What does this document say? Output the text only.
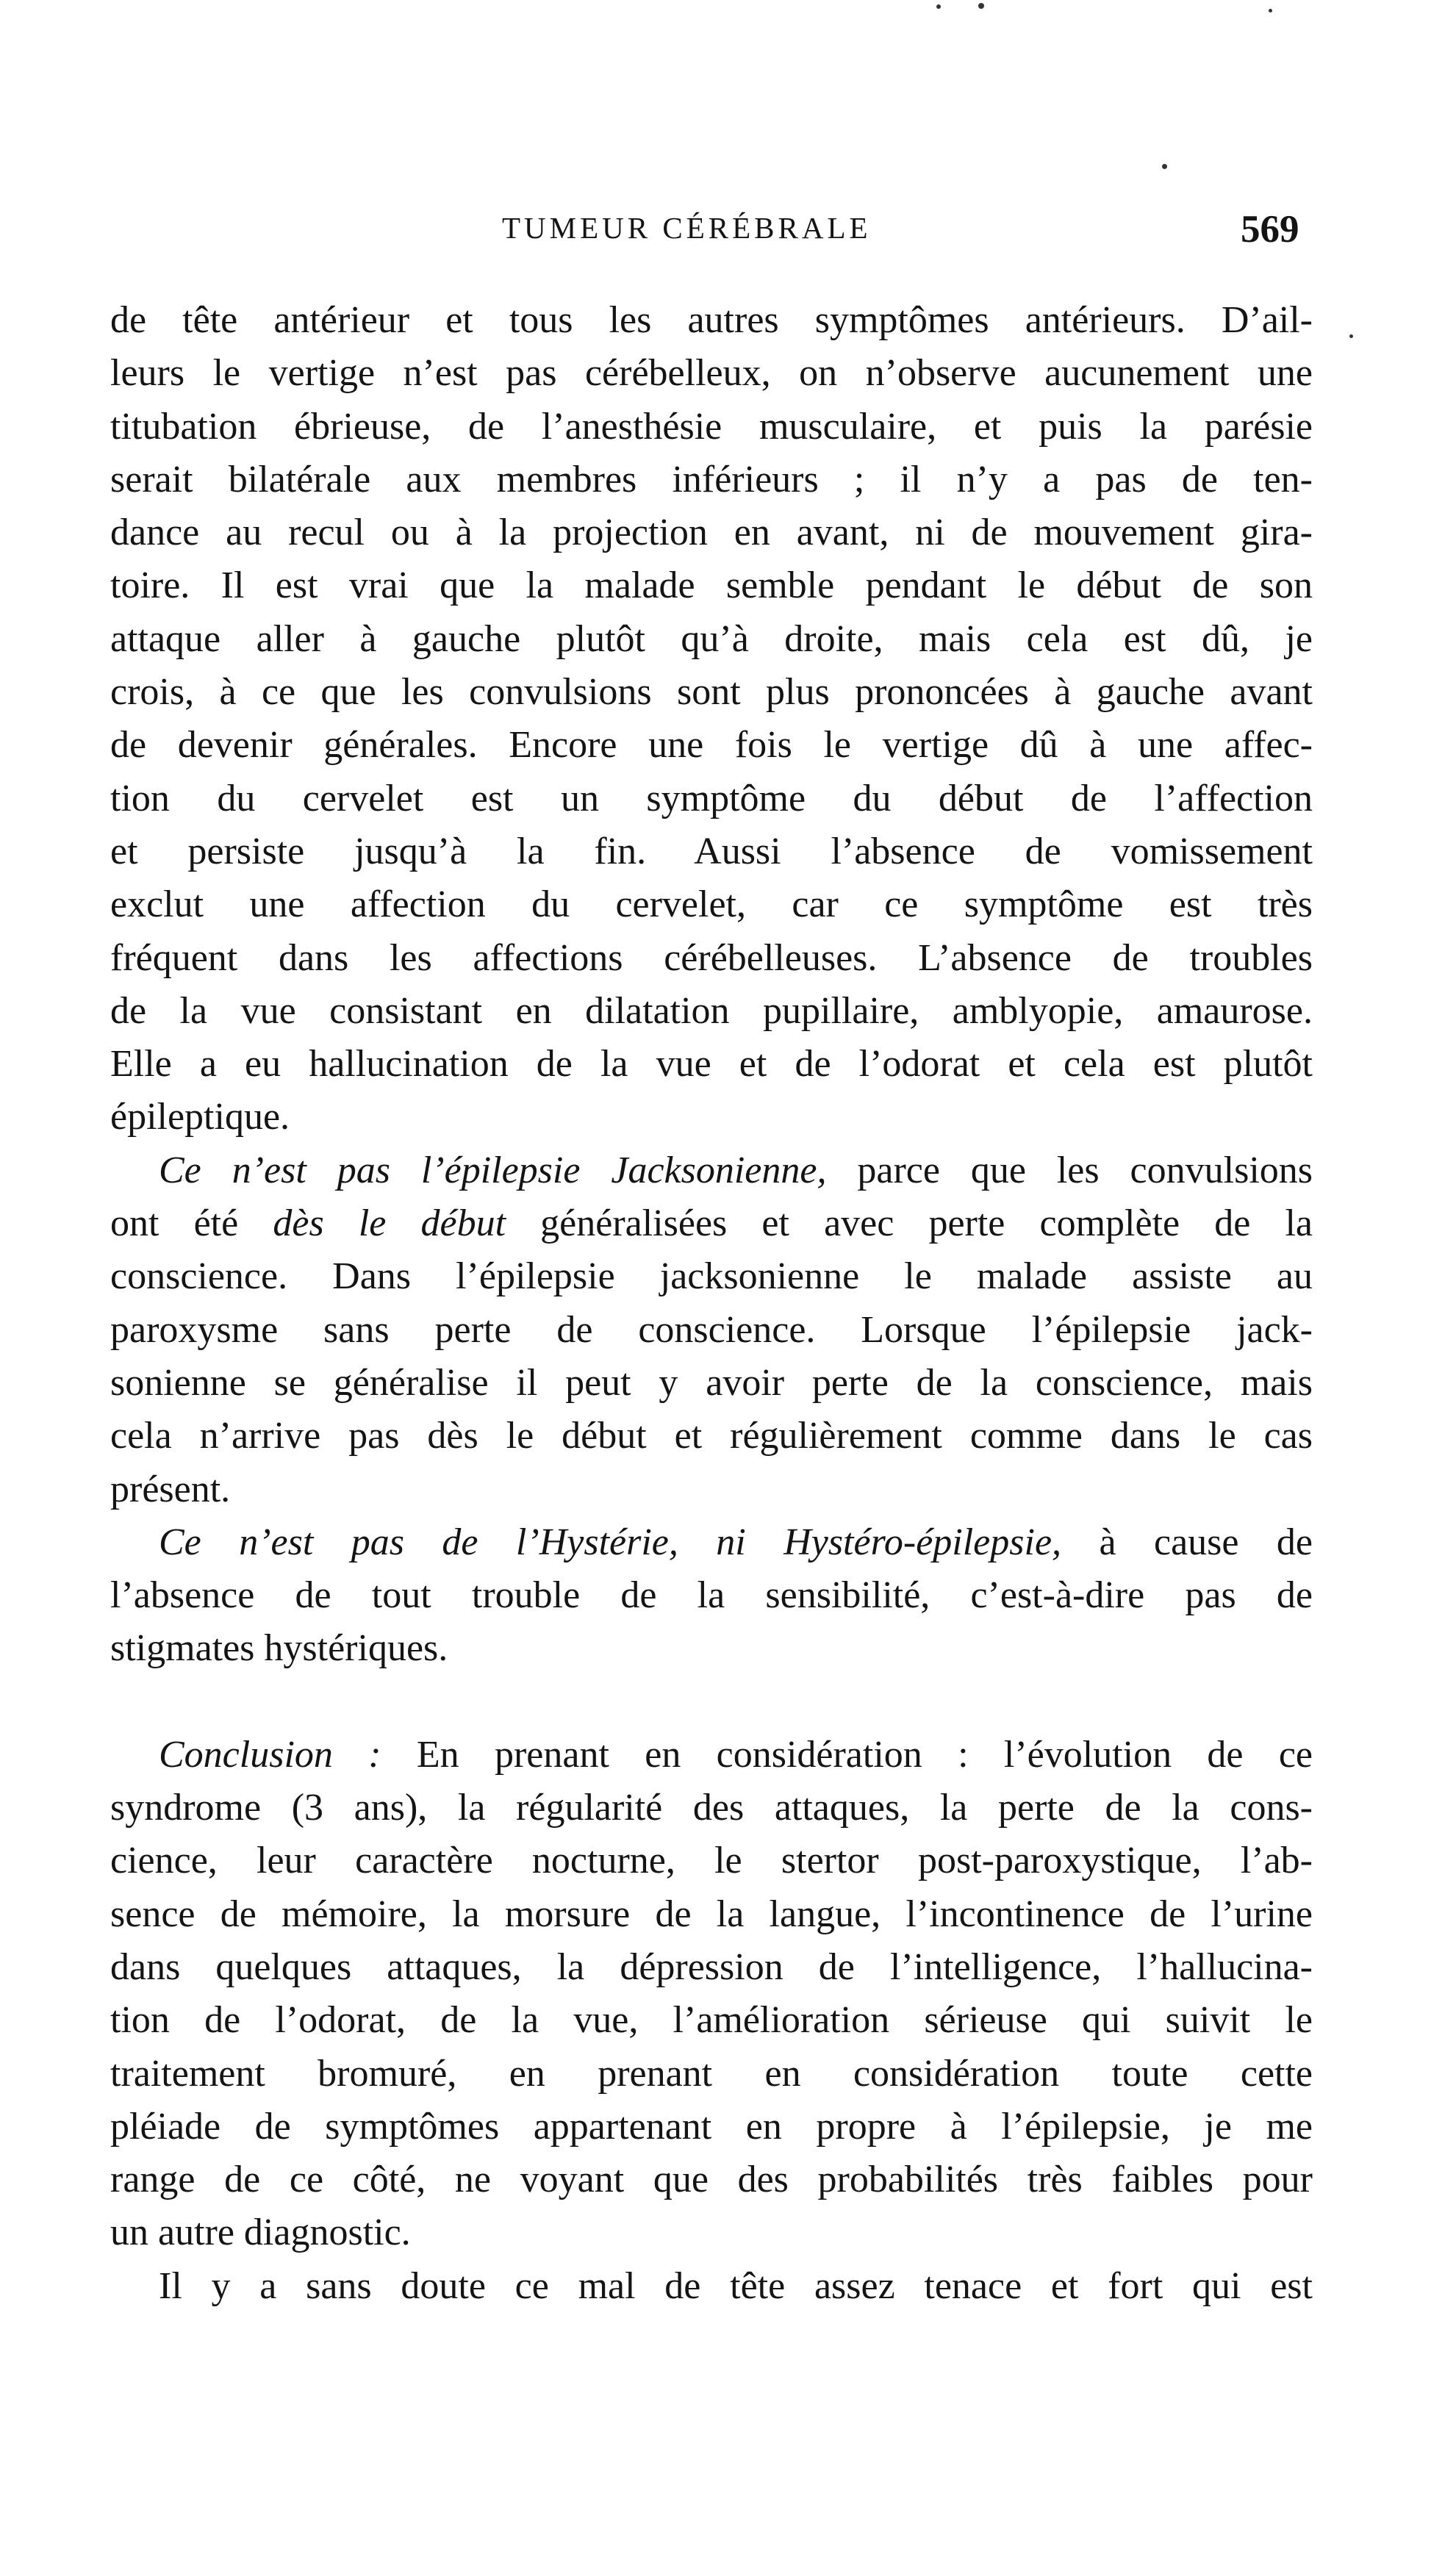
TUMEUR CÉRÉBRALE	569
de tête antérieur et tous les autres symptômes antérieurs. D’ail-
leurs le vertige n’est pas cérébelleux, on n’observe aucunement une
titubation ébrieuse, de l’anesthésie musculaire, et puis la parésie
serait bilatérale aux membres inférieurs ; il n’y a pas de ten-
dance au recul ou à la projection en avant, ni de mouvement gira-
toire. Il est vrai que la malade semble pendant le début de son
attaque aller à gauche plutôt qu’à droite, mais cela est dû, je
crois, à ce que les convulsions sont plus prononcées à gauche avant
de devenir générales. Encore une fois le vertige dû à une affec-
tion du cervelet est un symptôme du début de l’affection
et persiste jusqu’à la fin. Aussi l’absence de vomissement
exclut une affection du cervelet, car ce symptôme est très
fréquent dans les affections cérébelleuses. L’absence de troubles
de la vue consistant en dilatation pupillaire, amblyopie, amaurose.
Elle a eu hallucination de la vue et de l’odorat et cela est plutôt
épileptique.
Ce n’est pas l’épilepsie Jacksonienne, parce que les convulsions
ont été dès le début généralisées et avec perte complète de la
conscience. Dans l’épilepsie jacksonienne le malade assiste au
paroxysme sans perte de conscience. Lorsque l’épilepsie jack-
sonienne se généralise il peut y avoir perte de la conscience, mais
cela n’arrive pas dès le début et régulièrement comme dans le cas
présent.
Ce n’est pas de l’Hystérie, ni Hystéro-épilepsie, à cause de
l’absence de tout trouble de la sensibilité, c’est-à-dire pas de
stigmates hystériques.
Conclusion : En prenant en considération : l’évolution de ce
syndrome (3 ans), la régularité des attaques, la perte de la cons-
cience, leur caractère nocturne, le stertor post-paroxystique, l’ab-
sence de mémoire, la morsure de la langue, l’incontinence de l’urine
dans quelques attaques, la dépression de l’intelligence, l’hallucina-
tion de l’odorat, de la vue, l’amélioration sérieuse qui suivit le
traitement bromuré, en prenant en considération toute cette
pléiade de symptômes appartenant en propre à l’épilepsie, je me
range de ce côté, ne voyant que des probabilités très faibles pour
un autre diagnostic.
Il y a sans doute ce mal de tête assez tenace et fort qui est
